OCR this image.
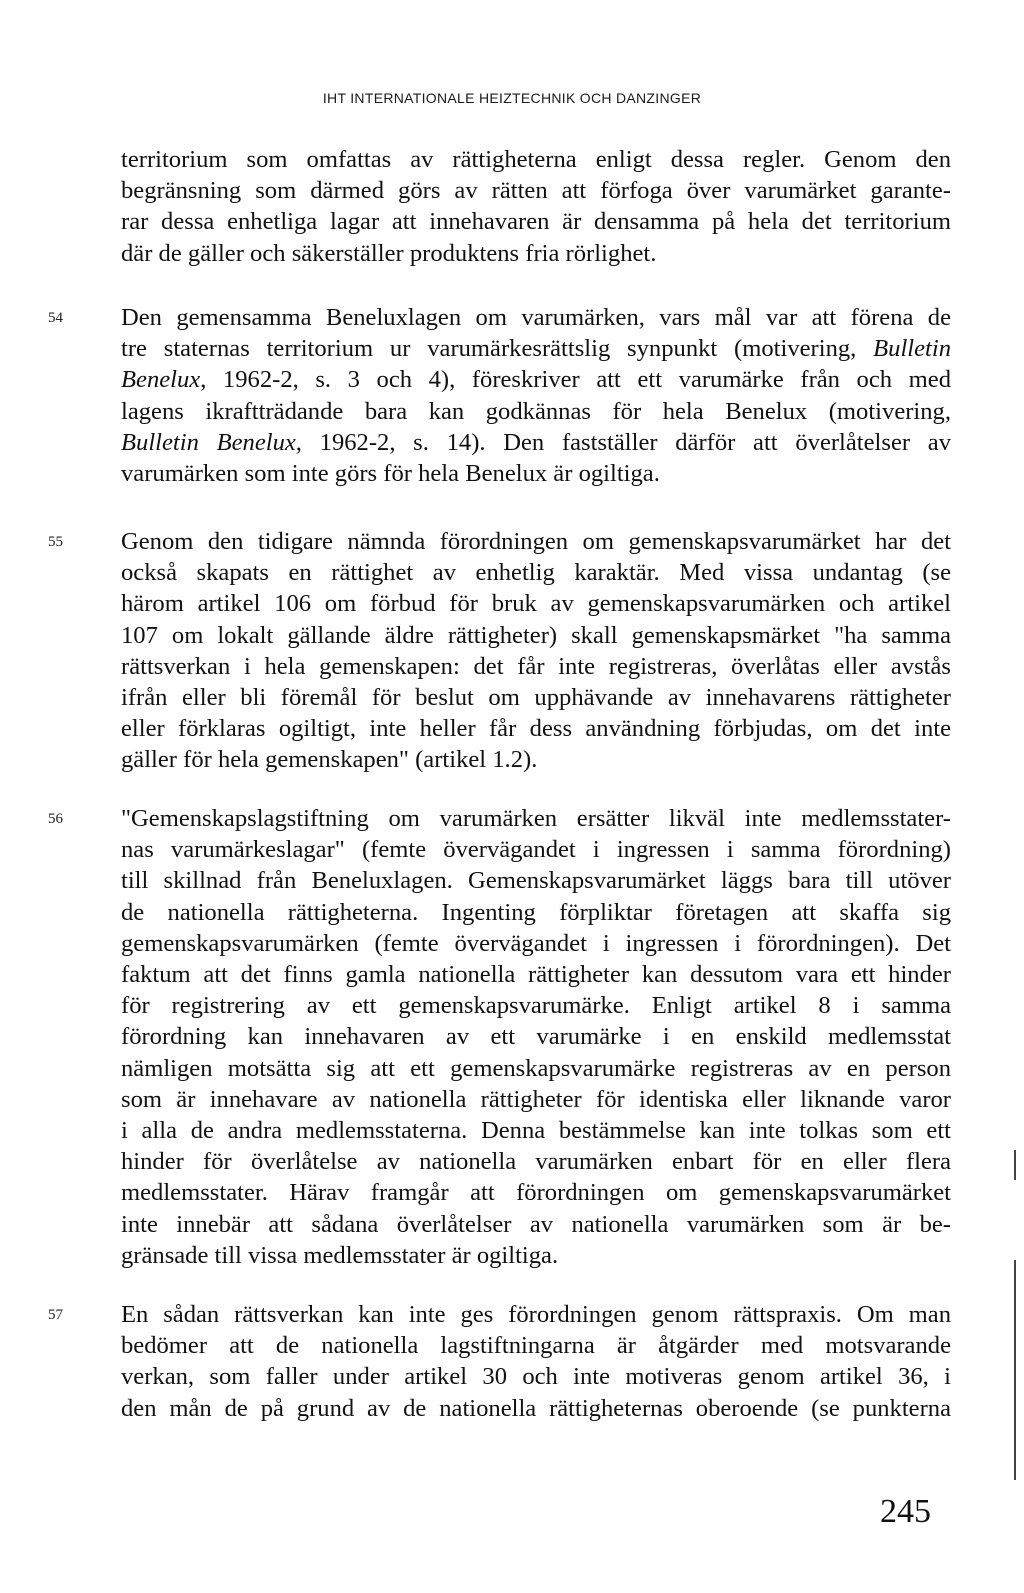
IHT INTERNATIONALE HEIZTECHNIK OCH DANZINGER
territorium som omfattas av rättigheterna enligt dessa regler. Genom den
begränsning som därmed görs av rätten att förfoga över varumärket garante-
rar dessa enhetliga lagar att innehavaren är densamma på hela det territorium
där de gäller och säkerställer produktens fria rörlighet.
54 Den gemensamma Beneluxlagen om varumärken, vars mål var att förena de
tre staternas territorium ur varumärkesrättslig synpunkt (motivering, Bulletin
Benelux, 1962-2, s. 3 och 4), föreskriver att ett varumärke från och med
lagens ikraftträdande bara kan godkännas för hela Benelux (motivering,
Bulletin Benelux, 1962-2, s. 14). Den fastställer därför att överlåtelser av
varumärken som inte görs för hela Benelux är ogiltiga.
55 Genom den tidigare nämnda förordningen om gemenskapsvarumärket har det
också skapats en rättighet av enhetlig karaktär. Med vissa undantag (se
härom artikel 106 om förbud för bruk av gemenskapsvarumärken och artikel
107 om lokalt gällande äldre rättigheter) skall gemenskapsmärket "ha samma
rättsverkan i hela gemenskapen: det får inte registreras, överlåtas eller avstås
ifrån eller bli föremål för beslut om upphävande av innehavarens rättigheter
eller förklaras ogiltigt, inte heller får dess användning förbjudas, om det inte
gäller för hela gemenskapen" (artikel 1.2).
56 "Gemenskapslagstiftning om varumärken ersätter likväl inte medlemsstater-
nas varumärkeslagar" (femte övervägandet i ingressen i samma förordning)
till skillnad från Beneluxlagen. Gemenskapsvarumärket läggs bara till utöver
de nationella rättigheterna. Ingenting förpliktar företagen att skaffa sig
gemenskapsvarumärken (femte övervägandet i ingressen i förordningen). Det
faktum att det finns gamla nationella rättigheter kan dessutom vara ett hinder
för registrering av ett gemenskapsvarumärke. Enligt artikel 8 i samma
förordning kan innehavaren av ett varumärke i en enskild medlemsstat
nämligen motsätta sig att ett gemenskapsvarumärke registreras av en person
som är innehavare av nationella rättigheter för identiska eller liknande varor
i alla de andra medlemsstaterna. Denna bestämmelse kan inte tolkas som ett
hinder för överlåtelse av nationella varumärken enbart för en eller flera
medlemsstater. Härav framgår att förordningen om gemenskapsvarumärket
inte innebär att sådana överlåtelser av nationella varumärken som är be-
gränsade till vissa medlemsstater är ogiltiga.
57 En sådan rättsverkan kan inte ges förordningen genom rättspraxis. Om man
bedömer att de nationella lagstiftningarna är åtgärder med motsvarande
verkan, som faller under artikel 30 och inte motiveras genom artikel 36, i
den mån de på grund av de nationella rättigheternas oberoende (se punkterna
245
